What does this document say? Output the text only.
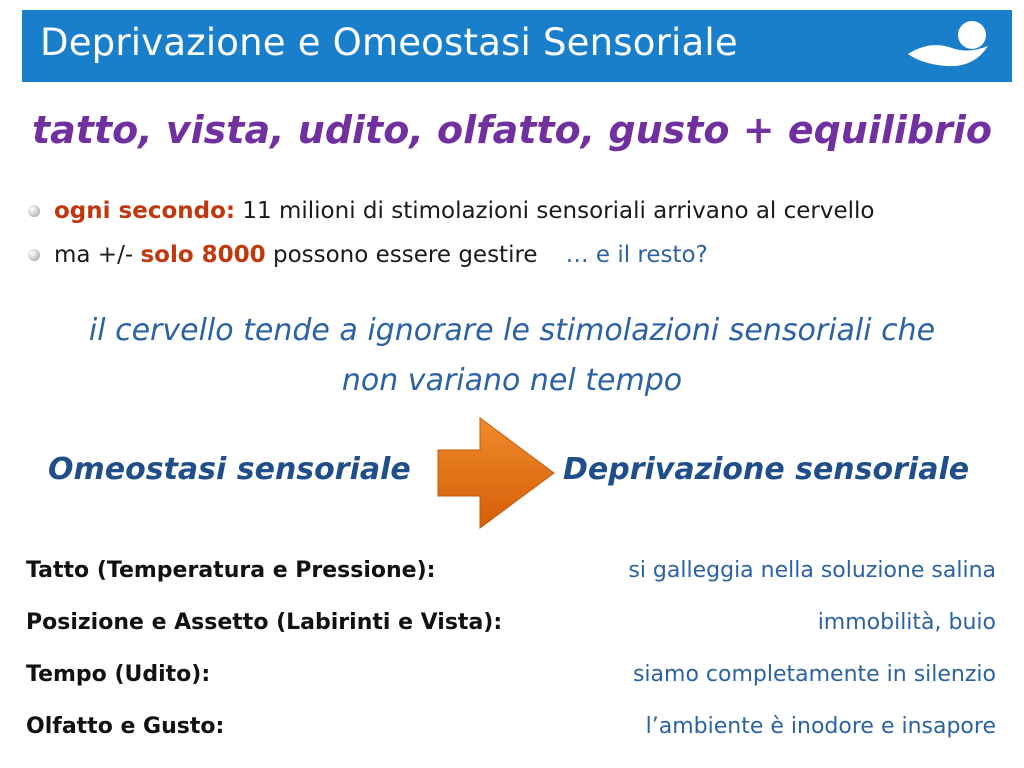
Deprivazione e Omeostasi Sensoriale
tatto, vista, udito, olfatto, gusto + equilibrio
ogni secondo: 11 milioni di stimolazioni sensoriali arrivano al cervello
ma +/- solo 8000 possono essere gestire … e il resto?
il cervello tende a ignorare le stimolazioni sensoriali che
non variano nel tempo
Omeostasi sensoriale	Deprivazione sensoriale
Tatto (Temperatura e Pressione):	si galleggia nella soluzione salina
Posizione e Assetto (Labirinti e Vista):	immobilità, buio
Tempo (Udito):	siamo completamente in silenzio
Olfatto e Gusto:	l’ambiente è inodore e insapore
